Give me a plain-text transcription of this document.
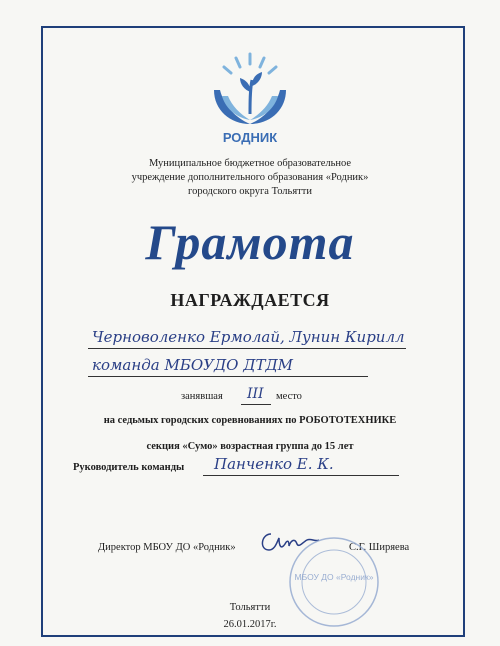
РОДНИК
Муниципальное бюджетное образовательное
учреждение дополнительного образования «Родник»
городского округа Тольятти
Грамота
НАГРАЖДАЕТСЯ
Черноволенко Ермолай, Лунин Кирилл
команда МБОУДО ДТДМ
занявшая III место
на седьмых городских соревнованиях по РОБОТОТЕХНИКЕ
секция «Сумо» возрастная группа до 15 лет
Руководитель команды Панченко Е. К.
Директор МБОУ ДО «Родник»	С.Г. Ширяева
МБОУ ДО «Родник»
Тольятти
26.01.2017г.
